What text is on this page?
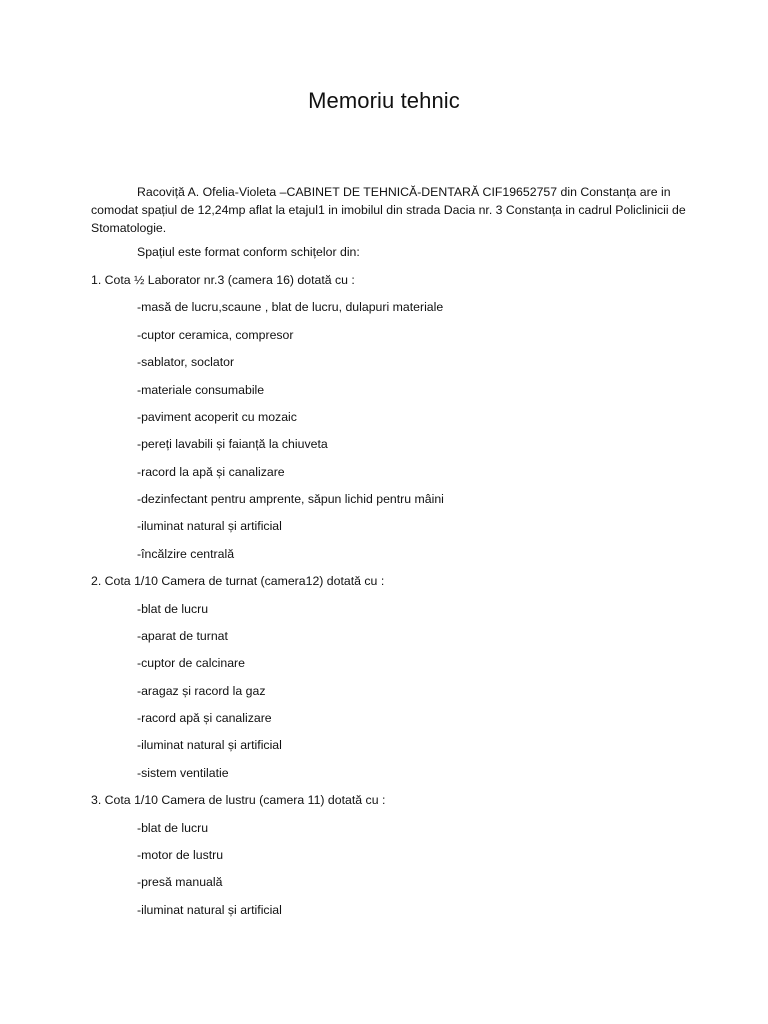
Memoriu tehnic

Racoviță A. Ofelia-Violeta –CABINET DE TEHNICĂ-DENTARĂ CIF19652757 din Constanța are in comodat spațiul de 12,24mp aflat la etajul1 in imobilul din strada Dacia nr. 3 Constanța in cadrul Policlinicii de Stomatologie.

Spațiul este format conform schițelor din:

1. Cota ½ Laborator nr.3 (camera 16) dotată cu :

-masă de lucru,scaune , blat de lucru, dulapuri materiale

-cuptor ceramica, compresor

-sablator, soclator

-materiale consumabile

-paviment acoperit cu mozaic

-pereți lavabili și faianță la chiuveta

-racord la apă și canalizare

-dezinfectant pentru amprente, săpun lichid pentru mâini

-iluminat natural și artificial

-încălzire centrală

2. Cota 1/10 Camera de turnat (camera12) dotată cu :

-blat de lucru

-aparat de turnat

-cuptor de calcinare

-aragaz și racord la gaz

-racord apă și canalizare

-iluminat natural și artificial

-sistem ventilatie

3. Cota 1/10 Camera de lustru (camera 11) dotată cu :

-blat de lucru

-motor de lustru

-presă manuală

-iluminat natural și artificial
